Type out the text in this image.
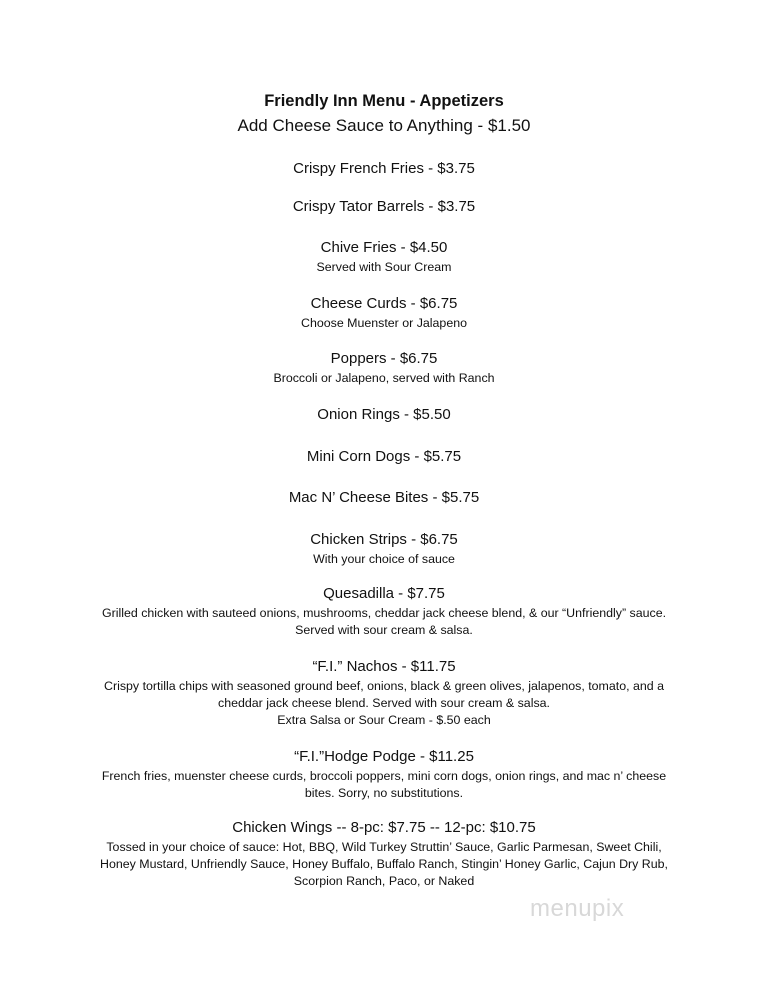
Friendly Inn Menu - Appetizers
Add Cheese Sauce to Anything - $1.50
Crispy French Fries - $3.75
Crispy Tator Barrels - $3.75
Chive Fries - $4.50
Served with Sour Cream
Cheese Curds - $6.75
Choose Muenster or Jalapeno
Poppers - $6.75
Broccoli or Jalapeno, served with Ranch
Onion Rings - $5.50
Mini Corn Dogs - $5.75
Mac N’ Cheese Bites - $5.75
Chicken Strips - $6.75
With your choice of sauce
Quesadilla - $7.75
Grilled chicken with sauteed onions, mushrooms, cheddar jack cheese blend, & our “Unfriendly” sauce.
Served with sour cream & salsa.
“F.I.” Nachos - $11.75
Crispy tortilla chips with seasoned ground beef, onions, black & green olives, jalapenos, tomato, and a
cheddar jack cheese blend. Served with sour cream & salsa.
Extra Salsa or Sour Cream - $.50 each
“F.I.”Hodge Podge - $11.25
French fries, muenster cheese curds, broccoli poppers, mini corn dogs, onion rings, and mac n’ cheese
bites. Sorry, no substitutions.
Chicken Wings -- 8-pc: $7.75 -- 12-pc: $10.75
Tossed in your choice of sauce: Hot, BBQ, Wild Turkey Struttin’ Sauce, Garlic Parmesan, Sweet Chili,
Honey Mustard, Unfriendly Sauce, Honey Buffalo, Buffalo Ranch, Stingin’ Honey Garlic, Cajun Dry Rub,
Scorpion Ranch, Paco, or Naked
menupix
